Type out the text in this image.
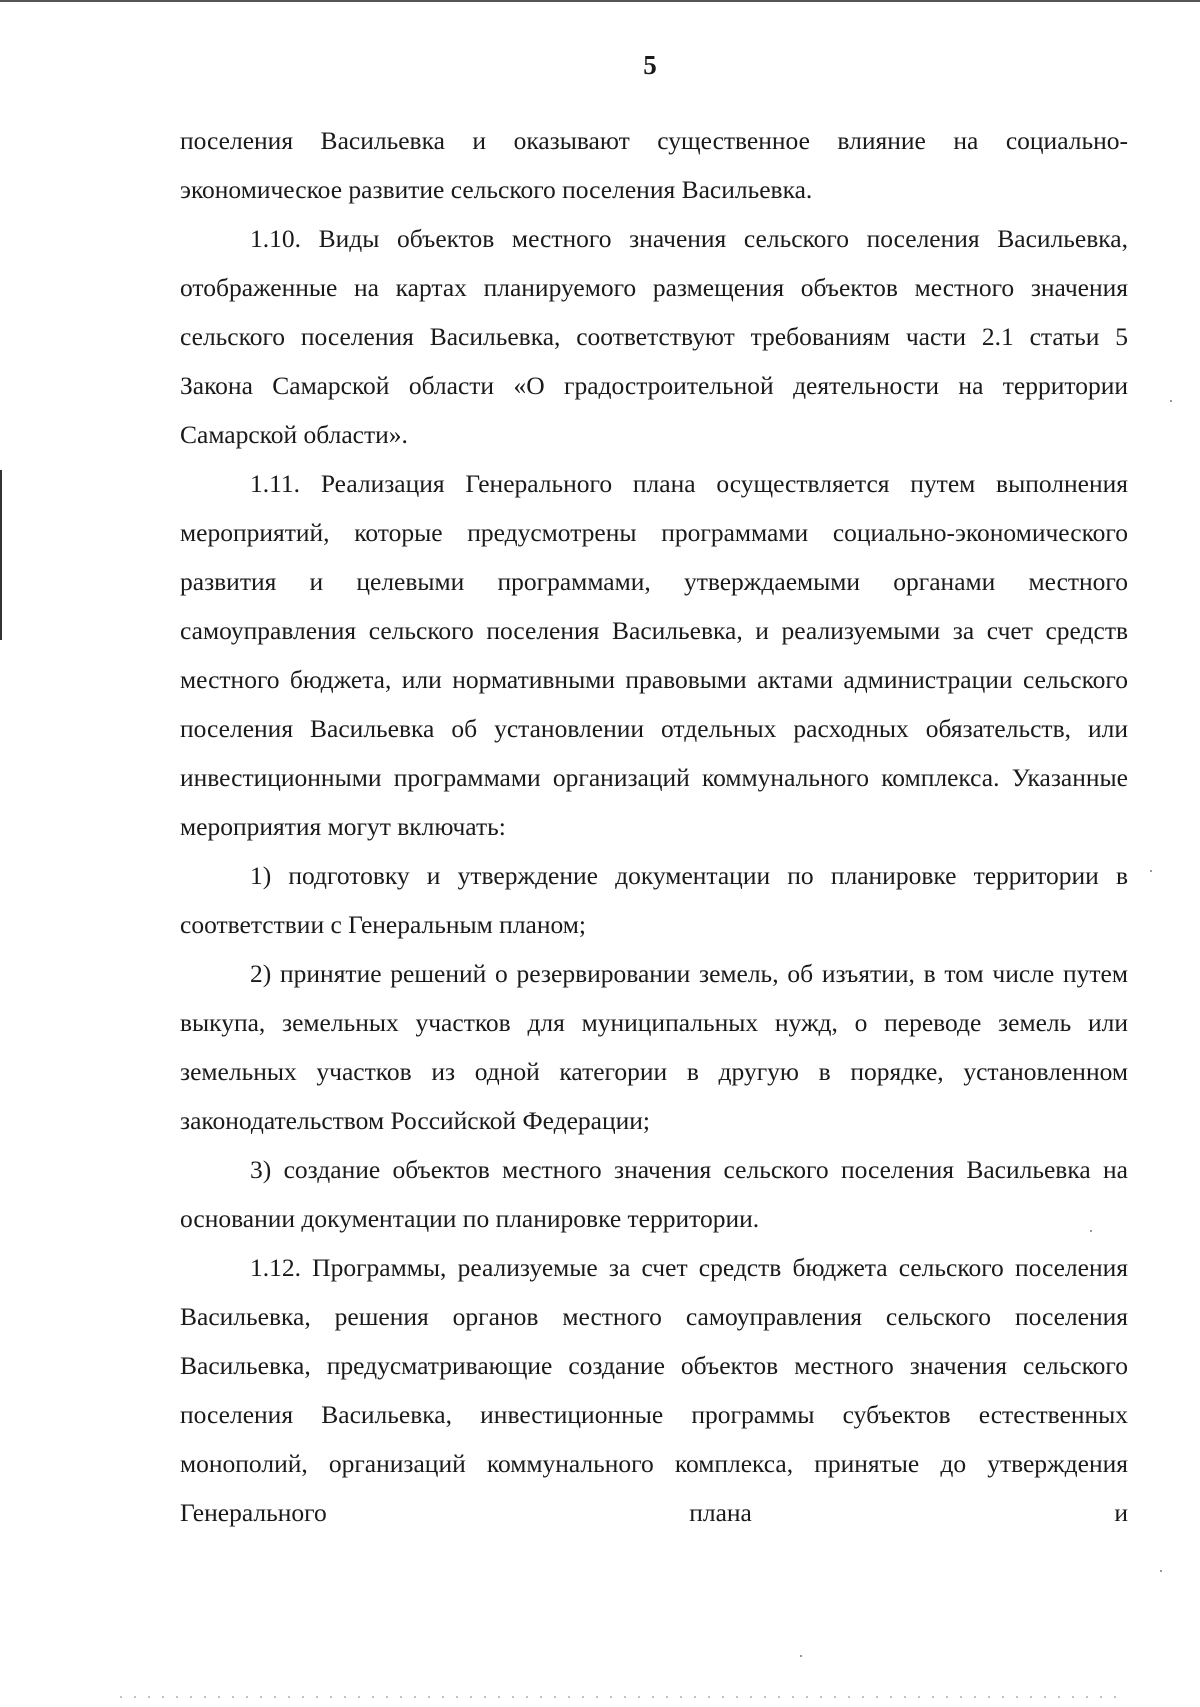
5

поселения Васильевка и оказывают существенное влияние на социально-экономическое развитие сельского поселения Васильевка.

1.10. Виды объектов местного значения сельского поселения Васильевка, отображенные на картах планируемого размещения объектов местного значения сельского поселения Васильевка, соответствуют требованиям части 2.1 статьи 5 Закона Самарской области «О градостроительной деятельности на территории Самарской области».

1.11. Реализация Генерального плана осуществляется путем выполнения мероприятий, которые предусмотрены программами социально-экономического развития и целевыми программами, утверждаемыми органами местного самоуправления сельского поселения Васильевка, и реализуемыми за счет средств местного бюджета, или нормативными правовыми актами администрации сельского поселения Васильевка об установлении отдельных расходных обязательств, или инвестиционными программами организаций коммунального комплекса. Указанные мероприятия могут включать:

1) подготовку и утверждение документации по планировке территории в соответствии с Генеральным планом;

2) принятие решений о резервировании земель, об изъятии, в том числе путем выкупа, земельных участков для муниципальных нужд, о переводе земель или земельных участков из одной категории в другую в порядке, установленном законодательством Российской Федерации;

3) создание объектов местного значения сельского поселения Васильевка на основании документации по планировке территории.

1.12. Программы, реализуемые за счет средств бюджета сельского поселения Васильевка, решения органов местного самоуправления сельского поселения Васильевка, предусматривающие создание объектов местного значения сельского поселения Васильевка, инвестиционные программы субъектов естественных монополий, организаций коммунального комплекса, принятые до утверждения Генерального плана и
